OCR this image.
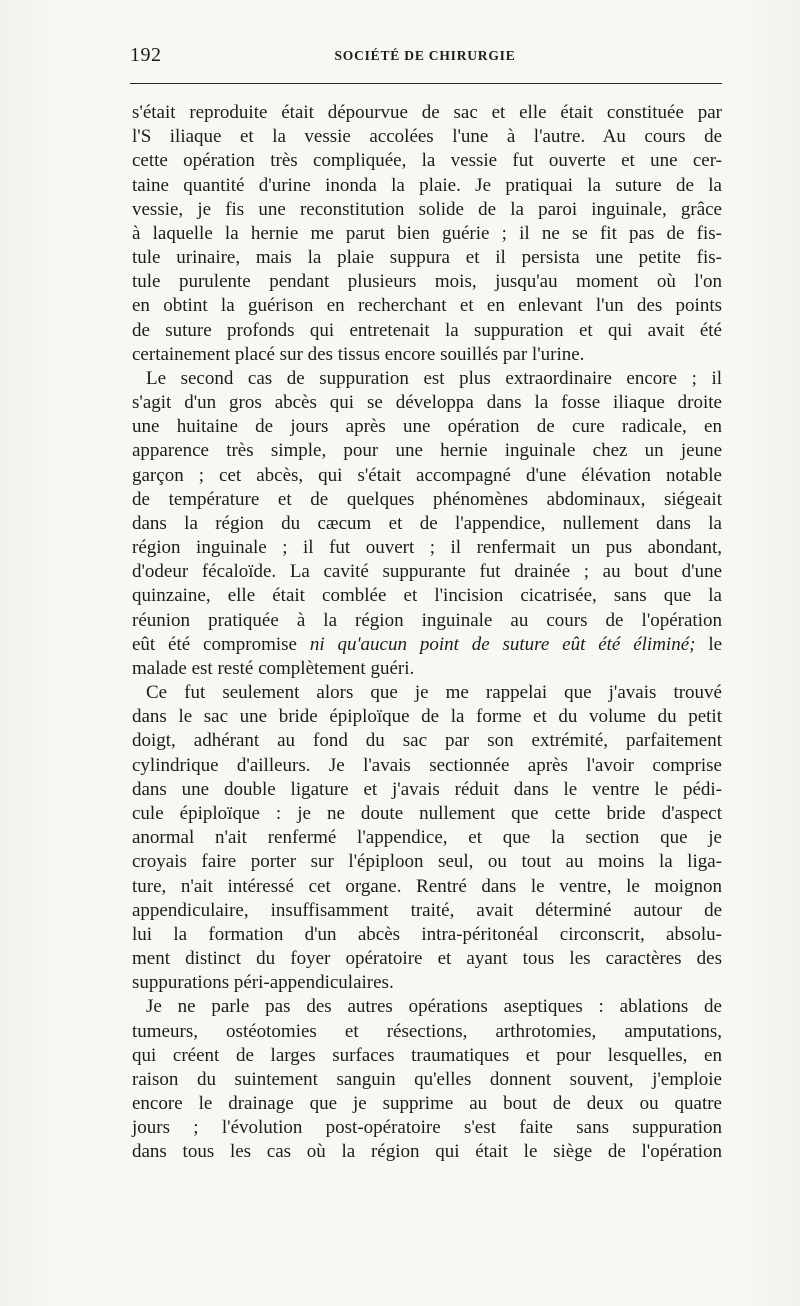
192	SOCIÉTÉ DE CHIRURGIE
s'était reproduite était dépourvue de sac et elle était constituée par
l'S iliaque et la vessie accolées l'une à l'autre. Au cours de
cette opération très compliquée, la vessie fut ouverte et une cer-
taine quantité d'urine inonda la plaie. Je pratiquai la suture de la
vessie, je fis une reconstitution solide de la paroi inguinale, grâce
à laquelle la hernie me parut bien guérie ; il ne se fit pas de fis-
tule urinaire, mais la plaie suppura et il persista une petite fis-
tule purulente pendant plusieurs mois, jusqu'au moment où l'on
en obtint la guérison en recherchant et en enlevant l'un des points
de suture profonds qui entretenait la suppuration et qui avait été
certainement placé sur des tissus encore souillés par l'urine.
Le second cas de suppuration est plus extraordinaire encore ; il
s'agit d'un gros abcès qui se développa dans la fosse iliaque droite
une huitaine de jours après une opération de cure radicale, en
apparence très simple, pour une hernie inguinale chez un jeune
garçon ; cet abcès, qui s'était accompagné d'une élévation notable
de température et de quelques phénomènes abdominaux, siégeait
dans la région du cæcum et de l'appendice, nullement dans la
région inguinale ; il fut ouvert ; il renfermait un pus abondant,
d'odeur fécaloïde. La cavité suppurante fut drainée ; au bout d'une
quinzaine, elle était comblée et l'incision cicatrisée, sans que la
réunion pratiquée à la région inguinale au cours de l'opération
eût été compromise ni qu'aucun point de suture eût été éliminé; le
malade est resté complètement guéri.
Ce fut seulement alors que je me rappelai que j'avais trouvé
dans le sac une bride épiploïque de la forme et du volume du petit
doigt, adhérant au fond du sac par son extrémité, parfaitement
cylindrique d'ailleurs. Je l'avais sectionnée après l'avoir comprise
dans une double ligature et j'avais réduit dans le ventre le pédi-
cule épiploïque : je ne doute nullement que cette bride d'aspect
anormal n'ait renfermé l'appendice, et que la section que je
croyais faire porter sur l'épiploon seul, ou tout au moins la liga-
ture, n'ait intéressé cet organe. Rentré dans le ventre, le moignon
appendiculaire, insuffisamment traité, avait déterminé autour de
lui la formation d'un abcès intra-péritonéal circonscrit, absolu-
ment distinct du foyer opératoire et ayant tous les caractères des
suppurations péri-appendiculaires.
Je ne parle pas des autres opérations aseptiques : ablations de
tumeurs, ostéotomies et résections, arthrotomies, amputations,
qui créent de larges surfaces traumatiques et pour lesquelles, en
raison du suintement sanguin qu'elles donnent souvent, j'emploie
encore le drainage que je supprime au bout de deux ou quatre
jours ; l'évolution post-opératoire s'est faite sans suppuration
dans tous les cas où la région qui était le siège de l'opération
